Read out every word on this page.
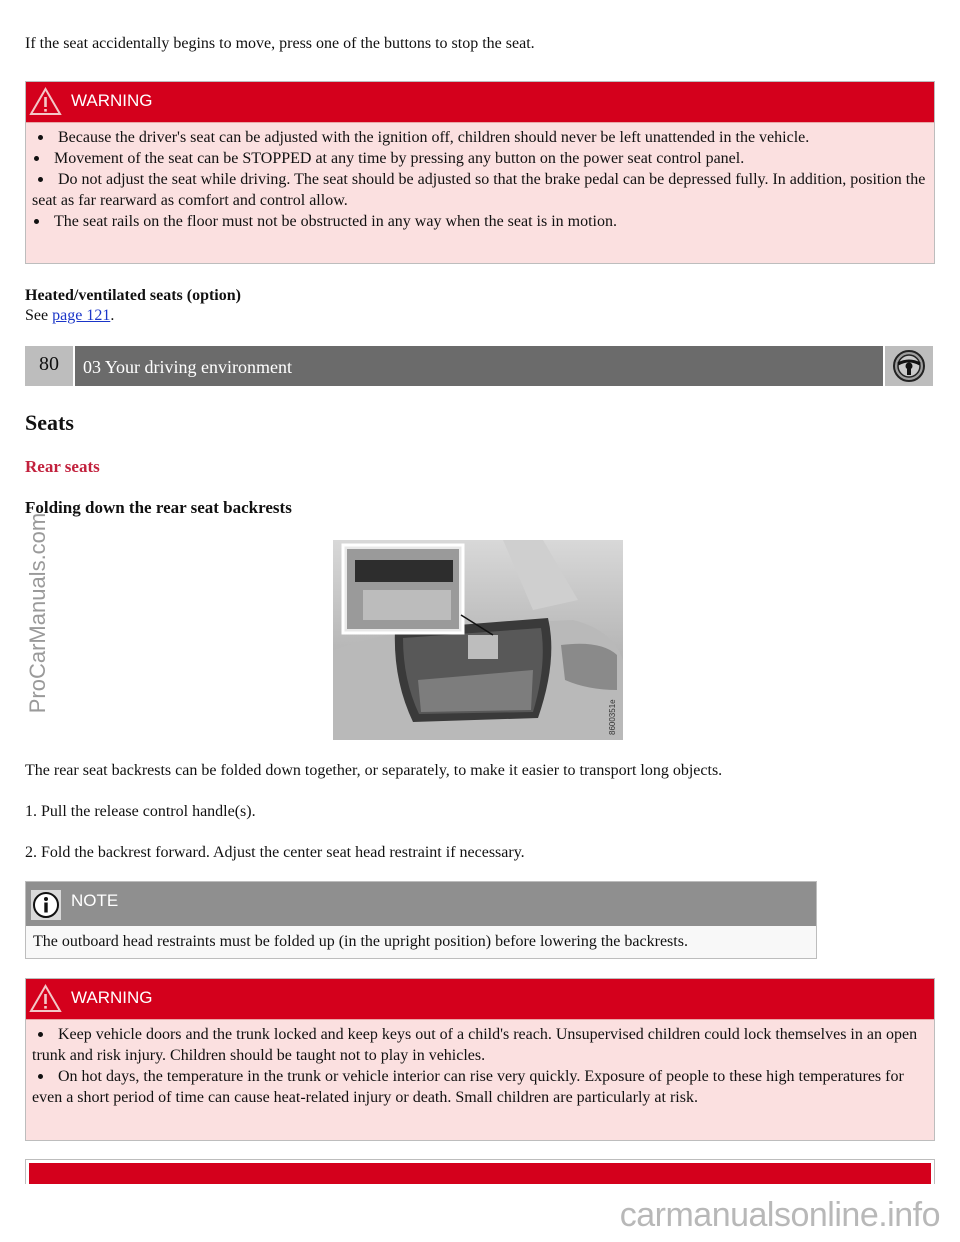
If the seat accidentally begins to move, press one of the buttons to stop the seat.
WARNING
Because the driver's seat can be adjusted with the ignition off, children should never be left unattended in the vehicle.
Movement of the seat can be STOPPED at any time by pressing any button on the power seat control panel.
Do not adjust the seat while driving. The seat should be adjusted so that the brake pedal can be depressed fully. In addition, position the seat as far rearward as comfort and control allow.
The seat rails on the floor must not be obstructed in any way when the seat is in motion.
Heated/ventilated seats (option)
See page 121.
80	03 Your driving environment
Seats
Rear seats
Folding down the rear seat backrests
8600351e
The rear seat backrests can be folded down together, or separately, to make it easier to transport long objects.
1. Pull the release control handle(s).
2. Fold the backrest forward. Adjust the center seat head restraint if necessary.
NOTE
The outboard head restraints must be folded up (in the upright position) before lowering the backrests.
WARNING
Keep vehicle doors and the trunk locked and keep keys out of a child's reach. Unsupervised children could lock themselves in an open trunk and risk injury. Children should be taught not to play in vehicles.
On hot days, the temperature in the trunk or vehicle interior can rise very quickly. Exposure of people to these high temperatures for even a short period of time can cause heat-related injury or death. Small children are particularly at risk.
ProCarManuals.com
carmanualsonline.info
